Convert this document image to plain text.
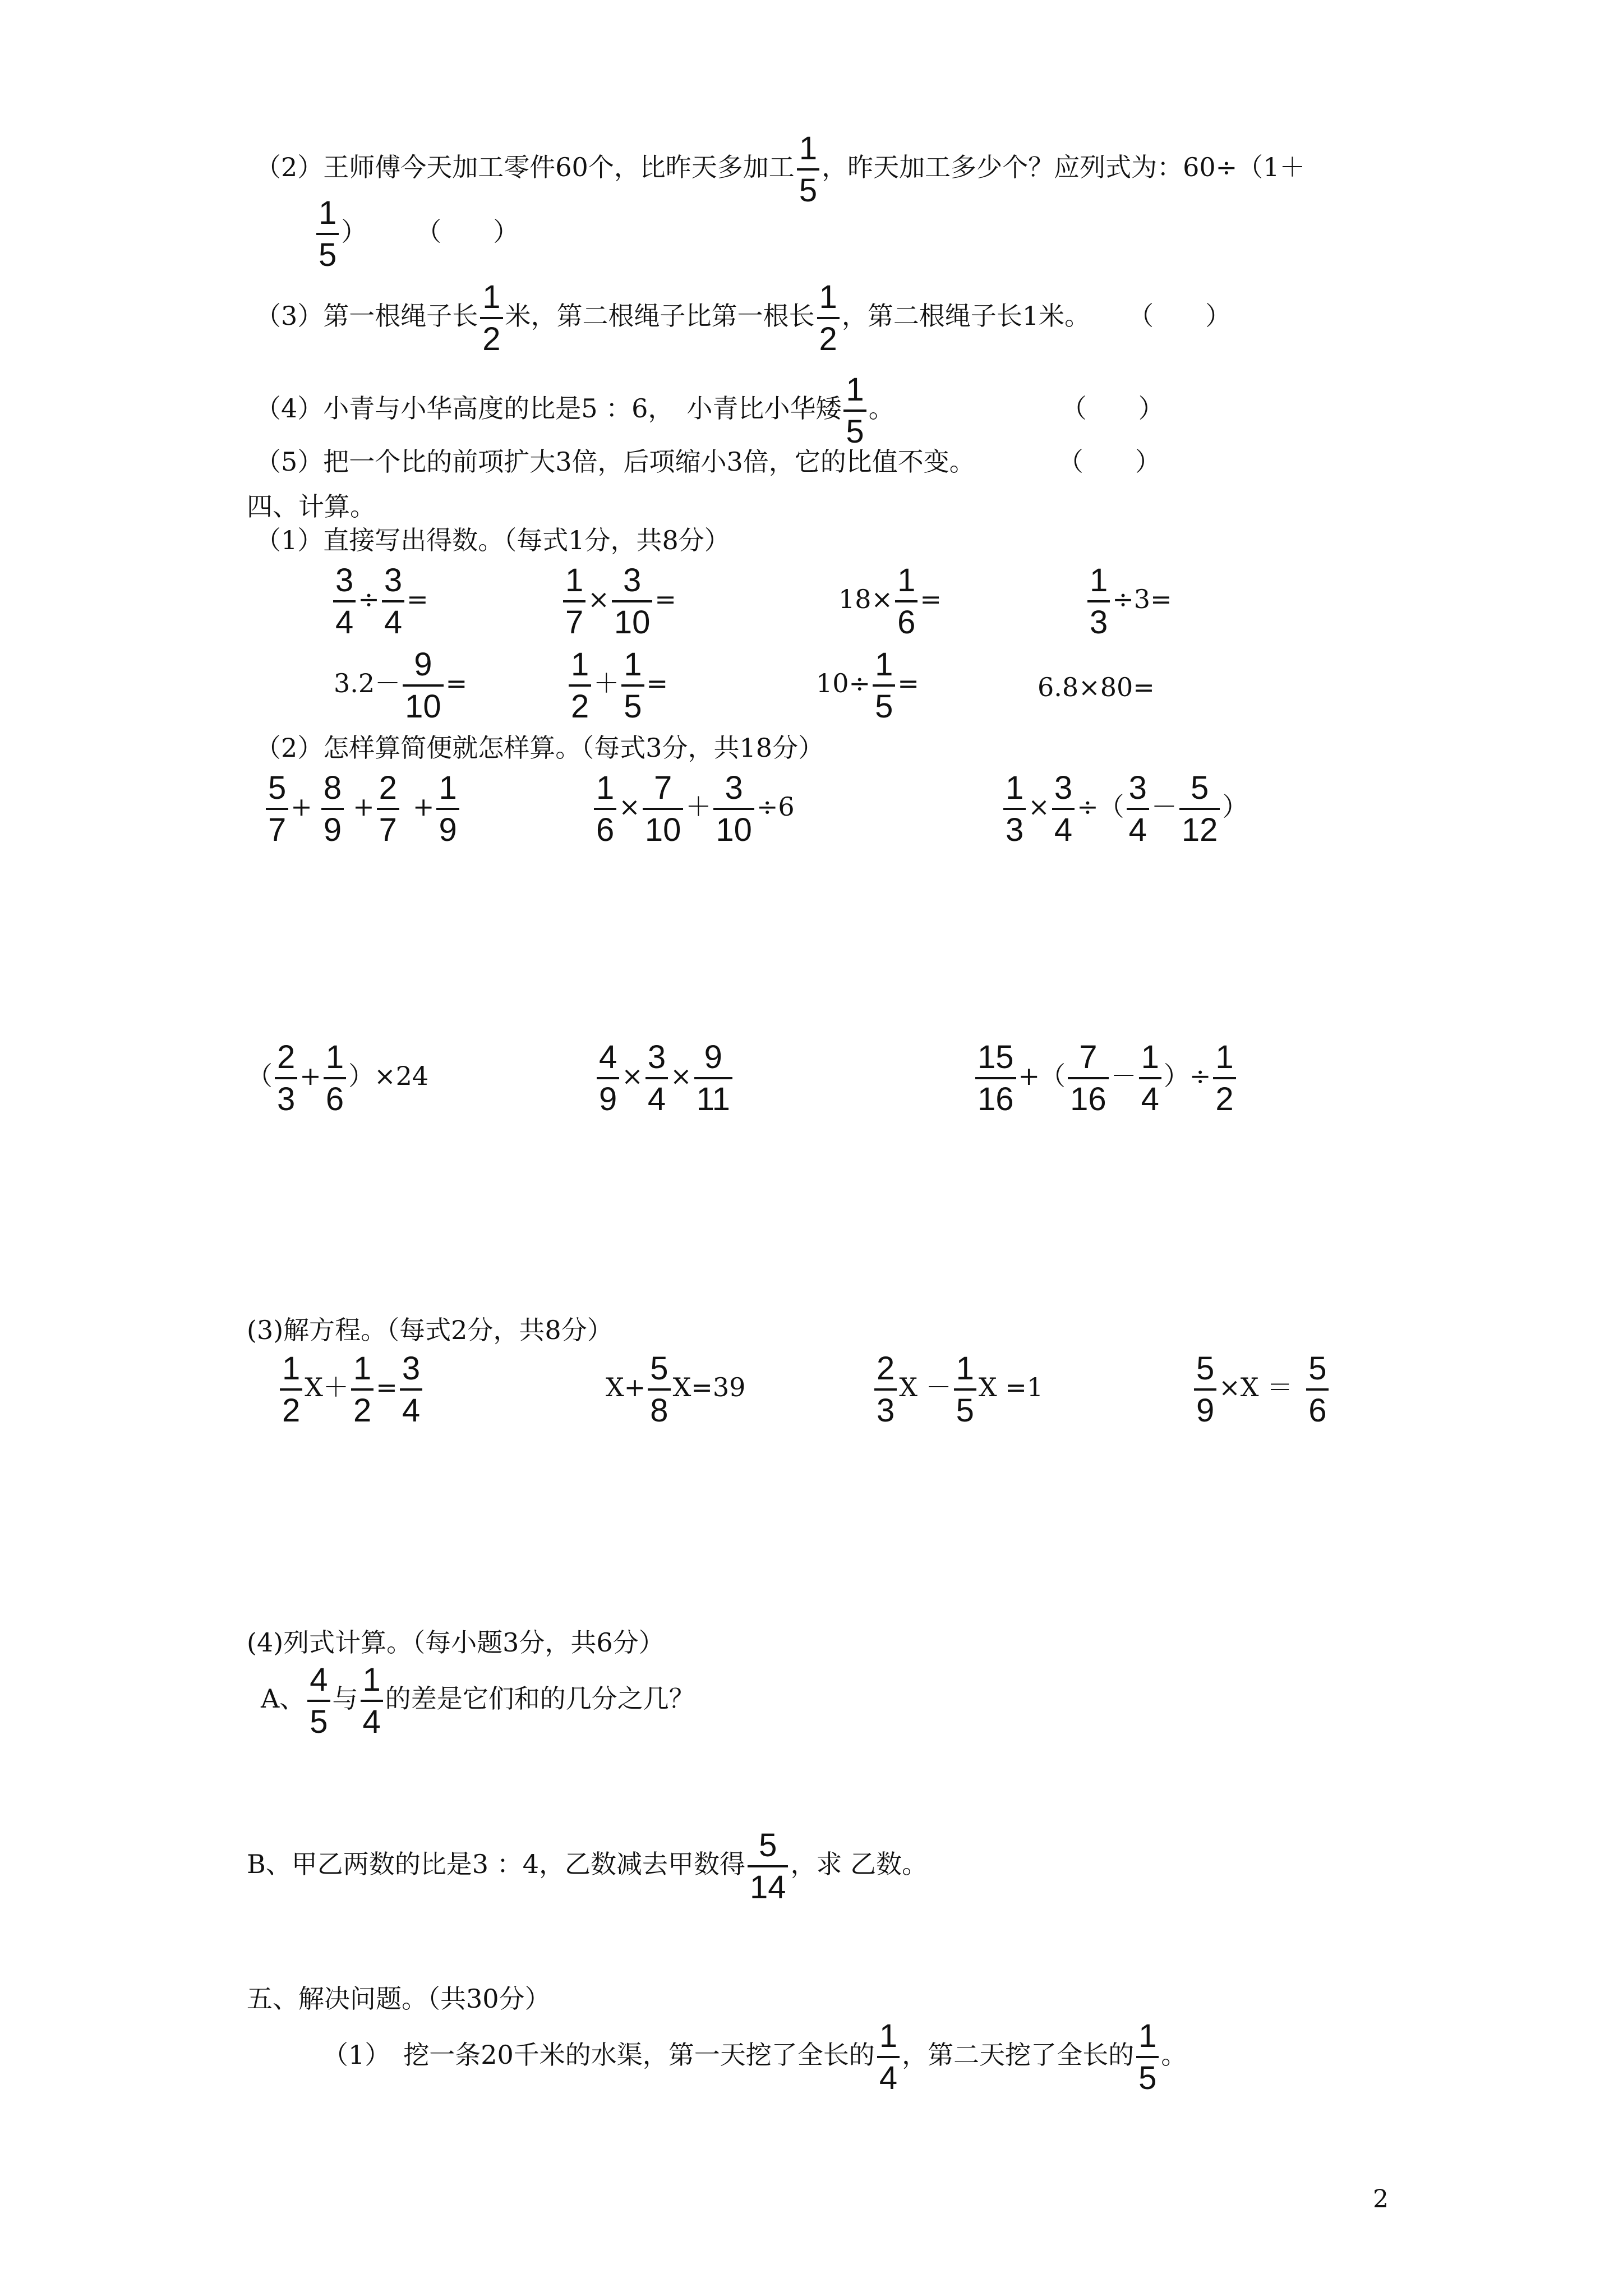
（2）王师傅今天加工零件60个，比昨天多加工 $\frac{1}{5}$ ，昨天加工多少个？应列式为：60÷（1＋
$\frac{1}{5}$ ） （　　）
（3）第一根绳子长 $\frac{1}{2}$ 米，第二根绳子比第一根长 $\frac{1}{2}$ ，第二根绳子长1米。 （　　）
（4）小青与小华高度的比是5 ：6，　小青比小华矮 $\frac{1}{5}$ 。	（　　）
（5）把一个比的前项扩大3倍，后项缩小3倍，它的比值不变。	（　　）
四、计算。
（1）直接写出得数。（每式1分，共8分）
$\frac{3}{4} \div \frac{3}{4}$ =	$\frac{1}{7} \times \frac{3}{10}$ =	$18\times \frac{1}{6}$ =	$\frac{1}{3} \div 3=$
$3.2- \frac{9}{10}$ =	$\frac{1}{2} + \frac{1}{5}$ =	$10\div \frac{1}{5}$ =	6.8×80=
（2）怎样算简便就怎样算。（每式3分，共18分）
$\frac{5}{7} + \frac{8}{9} + \frac{2}{7} + \frac{1}{9}$	$\frac{1}{6} \times \frac{7}{10} + \frac{3}{10} \div 6$	$\frac{1}{3} \times \frac{3}{4}$ ÷（ $\frac{3}{4} - \frac{5}{12}$ ）
（ $\frac{2}{3} + \frac{1}{6} )\times 24$	$\frac{4}{9} \times \frac{3}{4} \times \frac{9}{11}$	$\frac{15}{16}$ +（ $\frac{7}{16} - \frac{1}{4}$ ）÷ $\frac{1}{2}$
(3)解方程。（每式2分，共8分）
$\frac{1}{2} X+ \frac{1}{2} = \frac{3}{4}$	$X+ \frac{5}{8} X=39$	$\frac{2}{3}$ $X - \frac{1}{5}$ X =1	$\frac{5}{9} \times X = \frac{5}{6}$
(4)列式计算。（每小题3分，共6分）
A、 $\frac{4}{5}$ 与 $\frac{1}{4}$ 的差是它们和的几分之几？
B、甲乙两数的比是3 ：4，乙数减去甲数得 $\frac{5}{14}$ ，求 乙数。
五、解决问题。（共30分）
（1）　挖一条20千米的水渠，第一天挖了全长的 $\frac{1}{4}$ ，第二天挖了全长的 $\frac{1}{5}$ 。
2
